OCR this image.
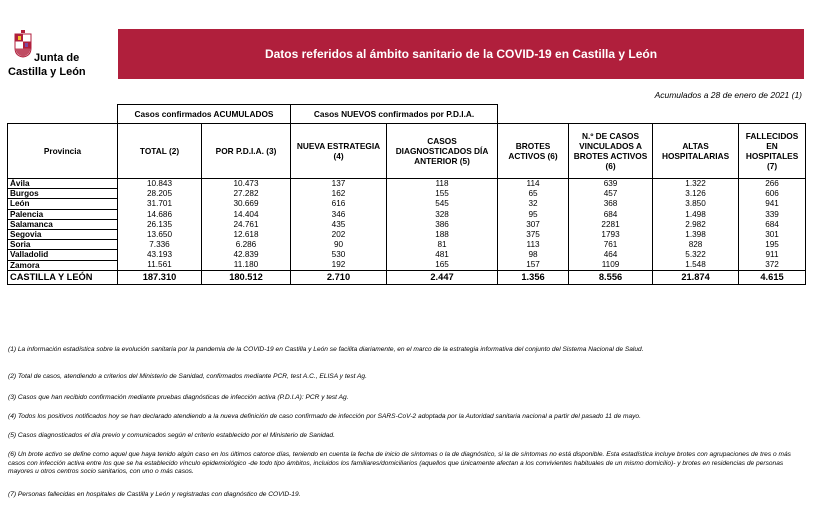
Junta de
Castilla y León
Datos referidos al ámbito sanitario de la COVID-19 en Castilla y León
Acumulados a 28 de enero de 2021 (1)
	Casos confirmados ACUMULADOS		Casos NUEVOS confirmados por P.D.I.A.					
Provincia	TOTAL (2)	POR P.D.I.A. (3)	NUEVA ESTRATEGIA (4)	CASOS DIAGNOSTICADOS DÍA ANTERIOR (5)	BROTES ACTIVOS (6)	N.º DE CASOS VINCULADOS A BROTES ACTIVOS (6)	ALTAS HOSPITALARIAS	FALLECIDOS EN HOSPITALES (7)
Ávila	10.843	10.473	137	118	114	639	1.322	266
Burgos	28.205	27.282	162	155	65	457	3.126	606
León	31.701	30.669	616	545	32	368	3.850	941
Palencia	14.686	14.404	346	328	95	684	1.498	339
Salamanca	26.135	24.761	435	386	307	2281	2.982	684
Segovia	13.650	12.618	202	188	375	1793	1.398	301
Soria	7.336	6.286	90	81	113	761	828	195
Valladolid	43.193	42.839	530	481	98	464	5.322	911
Zamora	11.561	11.180	192	165	157	1109	1.548	372
CASTILLA Y LEÓN	187.310	180.512	2.710	2.447	1.356	8.556	21.874	4.615
(1) La información estadística sobre la evolución sanitaria por la pandemia de la COVID-19 en Castilla y León se facilita diariamente, en el marco de la estrategia informativa del conjunto del Sistema Nacional de Salud.
(2) Total de casos, atendiendo a criterios del Ministerio de Sanidad, confirmados mediante PCR, test A.C., ELISA y test Ag.
(3) Casos que han recibido confirmación mediante pruebas diagnósticas de infección activa (P.D.I.A): PCR y test Ag.
(4) Todos los positivos notificados hoy se han declarado atendiendo a la nueva definición de caso confirmado de infección por SARS-CoV-2 adoptada por la Autoridad sanitaria nacional a partir del pasado 11 de mayo.
(5) Casos diagnosticados el día previo y comunicados según el criterio establecido por el Ministerio de Sanidad.
(6) Un brote activo se define como aquel que haya tenido algún caso en los últimos catorce días, teniendo en cuenta la fecha de inicio de síntomas o la de diagnóstico, si la de síntomas no está disponible. Esta estadística incluye brotes con agrupaciones de tres o más casos con infección activa entre los que se ha establecido vínculo epidemiológico -de todo tipo ámbitos, incluidos los familiares/domiciliarios (aquellos que únicamente afectan a los convivientes habituales de un mismo domicilio)- y brotes en residencias de personas mayores u otros centros socio sanitarios, con uno o más casos.
(7) Personas fallecidas en hospitales de Castilla y León y registradas con diagnóstico de COVID-19.
